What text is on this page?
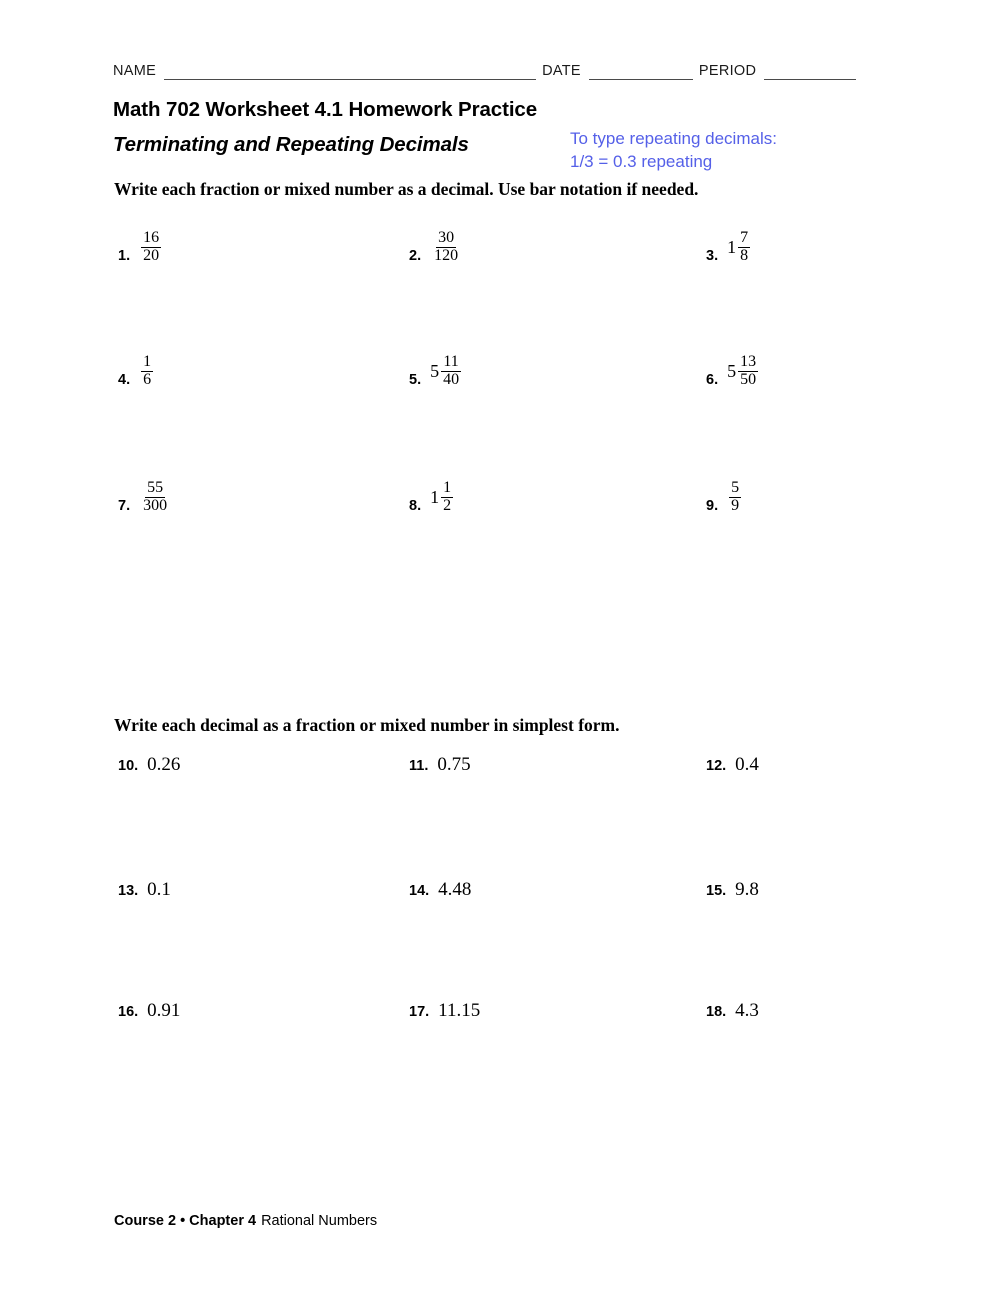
NAME	DATE	PERIOD
Math 702 Worksheet 4.1 Homework Practice
Terminating and Repeating Decimals	To type repeating decimals:
1/3 = 0.3 repeating
Write each fraction or mixed number as a decimal. Use bar notation if needed.
1. $\frac{16}{20}$	2. $\frac{30}{120}$	3. $1 \frac{7}{8}$
4. $\frac{1}{6}$	5. $5 \frac{11}{40}$	6. $5 \frac{13}{50}$
7. $\frac{55}{300}$	8. $1 \frac{1}{2}$	9. $\frac{5}{9}$
Write each decimal as a fraction or mixed number in simplest form.
10. 0.26	11. 0.75	12. 0.4
13. 0.1	14. 4.48	15. 9.8
16. 0.91	17. 11.15	18. 4.3
Course 2 • Chapter 4 Rational Numbers
